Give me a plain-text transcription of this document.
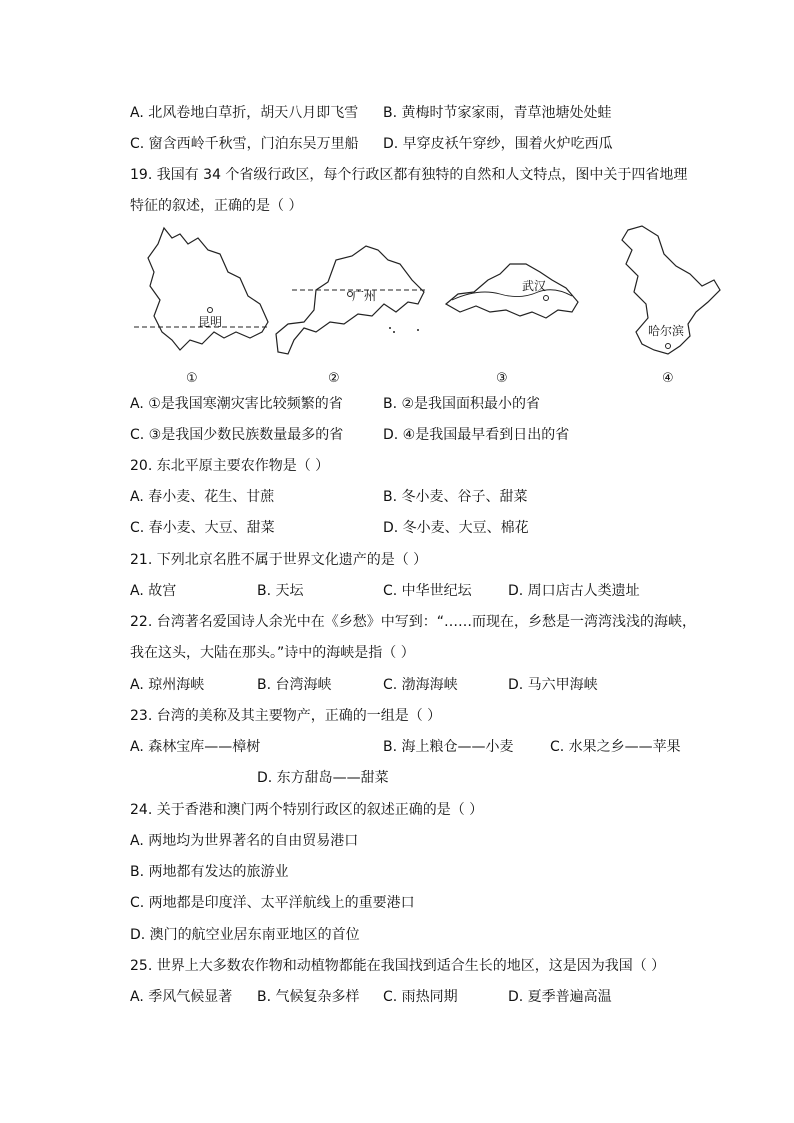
A. 北风卷地白草折，胡天八月即飞雪 B. 黄梅时节家家雨，青草池塘处处蛙
C. 窗含西岭千秋雪，门泊东吴万里船 D. 早穿皮袄午穿纱，围着火炉吃西瓜
19. 我国有 34 个省级行政区，每个行政区都有独特的自然和人文特点，图中关于四省地理
特征的叙述，正确的是（ ）
昆明
①
广州
②
武汉
③
哈尔滨
④
A. ①是我国寒潮灾害比较频繁的省	B. ②是我国面积最小的省
C. ③是我国少数民族数量最多的省	D. ④是我国最早看到日出的省
20. 东北平原主要农作物是（ ）
A. 春小麦、花生、甘蔗	B. 冬小麦、谷子、甜菜
C. 春小麦、大豆、甜菜	D. 冬小麦、大豆、棉花
21. 下列北京名胜不属于世界文化遗产的是（ ）
A. 故宫	B. 天坛	C. 中华世纪坛	D. 周口店古人类遗址
22. 台湾著名爱国诗人余光中在《乡愁》中写到：“……而现在，乡愁是一湾湾浅浅的海峡，
我在这头，大陆在那头。”诗中的海峡是指（ ）
A. 琼州海峡	B. 台湾海峡	C. 渤海海峡	D. 马六甲海峡
23. 台湾的美称及其主要物产，正确的一组是（ ）
A. 森林宝库——樟树	B. 海上粮仓——小麦	C. 水果之乡——苹果
D. 东方甜岛——甜菜
24. 关于香港和澳门两个特别行政区的叙述正确的是（ ）
A. 两地均为世界著名的自由贸易港口
B. 两地都有发达的旅游业
C. 两地都是印度洋、太平洋航线上的重要港口
D. 澳门的航空业居东南亚地区的首位
25. 世界上大多数农作物和动植物都能在我国找到适合生长的地区，这是因为我国（ ）
A. 季风气候显著 B. 气候复杂多样 C. 雨热同期	D. 夏季普遍高温
